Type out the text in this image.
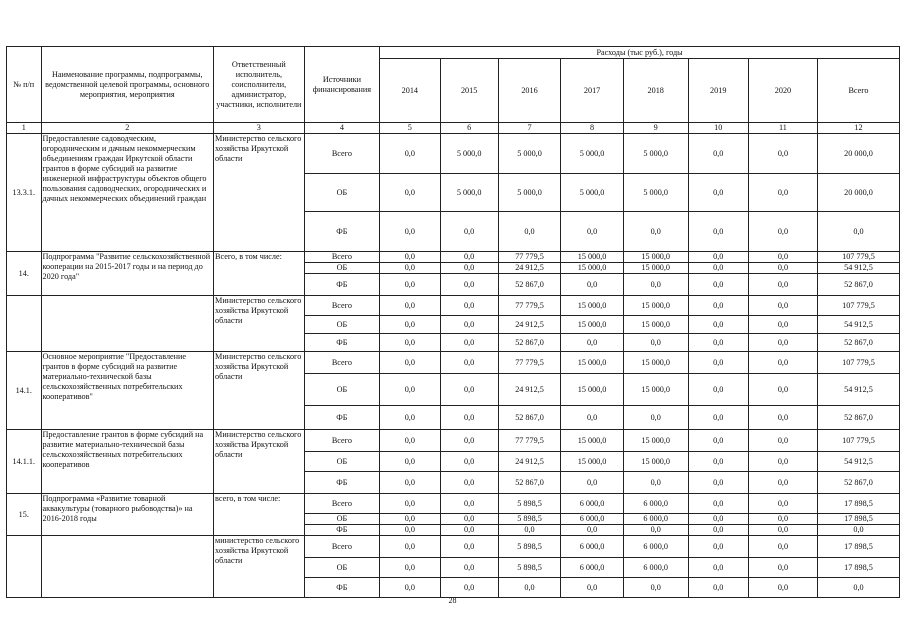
№ п/п	Наименование программы, подпрограммы, ведомственной целевой программы, основного мероприятия, мероприятия	Ответственный исполнитель, соисполнители, администратор, участники, исполнители	Источники финансирования	Расходы (тыс руб.), годы							
				2014	2015	2016	2017	2018	2019	2020	Всего
1	2	3	4	5	6	7	8	9	10	11	12
13.3.1.	Предоставление садоводческим, огородническим и дачным некоммерческим объединениям граждан Иркутской области грантов в форме субсидий на развитие инженерной инфраструктуры объектов общего пользования садоводческих, огороднических и дачных некоммерческих объединений граждан	Министерство сельского хозяйства Иркутской области	Всего	0,0	5 000,0	5 000,0	5 000,0	5 000,0	0,0	0,0	20 000,0
			ОБ	0,0	5 000,0	5 000,0	5 000,0	5 000,0	0,0	0,0	20 000,0
			ФБ	0,0	0,0	0,0	0,0	0,0	0,0	0,0	0,0
14.	Подпрограмма "Развитие сельскохозяйственной кооперации на 2015-2017 годы и на период до 2020 года"	Всего, в том числе:	Всего	0,0	0,0	77 779,5	15 000,0	15 000,0	0,0	0,0	107 779,5
			ОБ	0,0	0,0	24 912,5	15 000,0	15 000,0	0,0	0,0	54 912,5
			ФБ	0,0	0,0	52 867,0	0,0	0,0	0,0	0,0	52 867,0
		Министерство сельского хозяйства Иркутской области	Всего	0,0	0,0	77 779,5	15 000,0	15 000,0	0,0	0,0	107 779,5
			ОБ	0,0	0,0	24 912,5	15 000,0	15 000,0	0,0	0,0	54 912,5
			ФБ	0,0	0,0	52 867,0	0,0	0,0	0,0	0,0	52 867,0
14.1.	Основное мероприятие "Предоставление грантов в форме субсидий на развитие материально-технической базы сельскохозяйственных потребительских кооперативов"	Министерство сельского хозяйства Иркутской области	Всего	0,0	0,0	77 779,5	15 000,0	15 000,0	0,0	0,0	107 779,5
			ОБ	0,0	0,0	24 912,5	15 000,0	15 000,0	0,0	0,0	54 912,5
			ФБ	0,0	0,0	52 867,0	0,0	0,0	0,0	0,0	52 867,0
14.1.1.	Предоставление грантов в форме субсидий на развитие материально-технической базы сельскохозяйственных потребительских кооперативов	Министерство сельского хозяйства Иркутской области	Всего	0,0	0,0	77 779,5	15 000,0	15 000,0	0,0	0,0	107 779,5
			ОБ	0,0	0,0	24 912,5	15 000,0	15 000,0	0,0	0,0	54 912,5
			ФБ	0,0	0,0	52 867,0	0,0	0,0	0,0	0,0	52 867,0
15.	Подпрограмма «Развитие товарной аквакультуры (товарного рыбоводства)» на 2016-2018 годы	всего, в том числе:	Всего	0,0	0,0	5 898,5	6 000,0	6 000,0	0,0	0,0	17 898,5
			ОБ	0,0	0,0	5 898,5	6 000,0	6 000,0	0,0	0,0	17 898,5
			ФБ	0,0	0,0	0,0	0,0	0,0	0,0	0,0	0,0
		министерство сельского хозяйства Иркутской области	Всего	0,0	0,0	5 898,5	6 000,0	6 000,0	0,0	0,0	17 898,5
			ОБ	0,0	0,0	5 898,5	6 000,0	6 000,0	0,0	0,0	17 898,5
			ФБ	0,0	0,0	0,0	0,0	0,0	0,0	0,0	0,0
28
